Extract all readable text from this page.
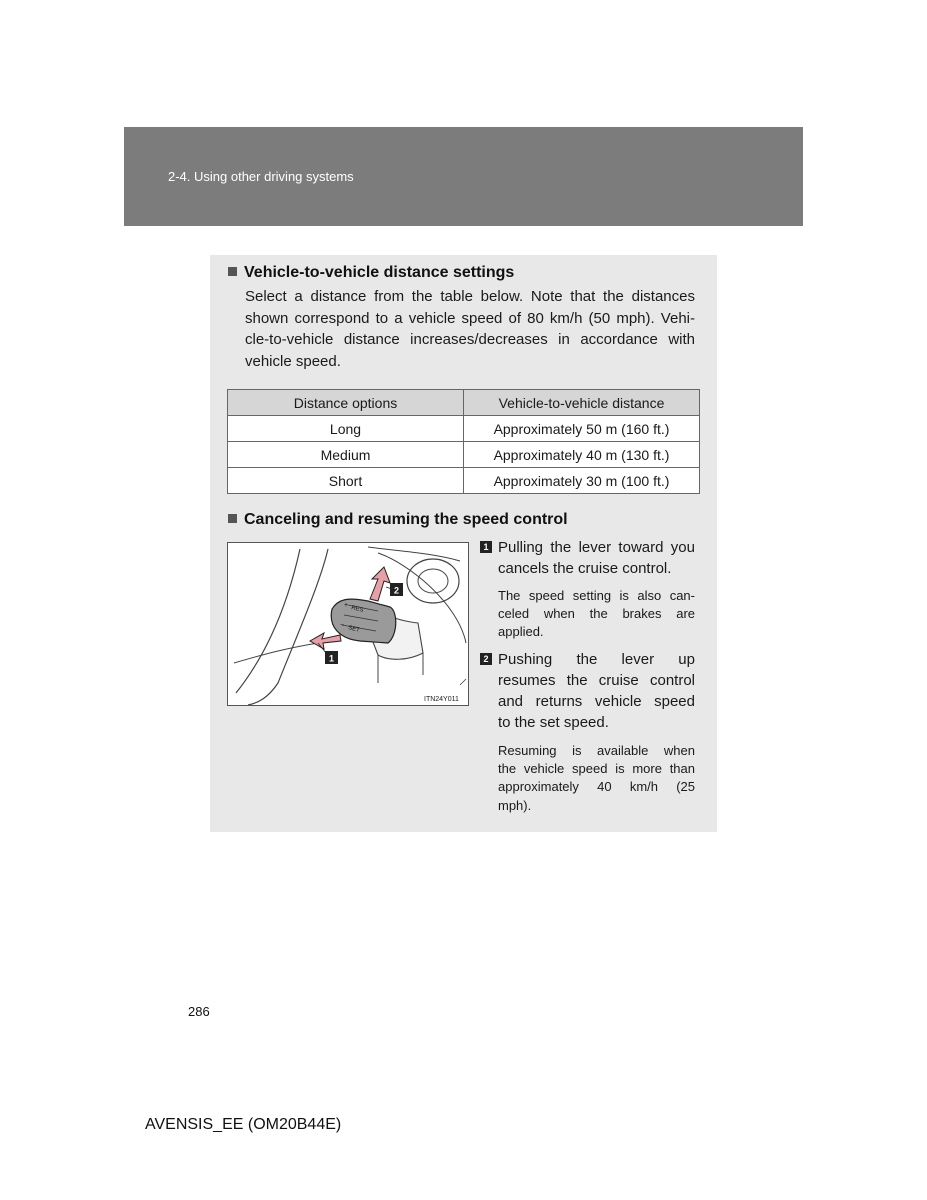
2-4. Using other driving systems
Vehicle-to-vehicle distance settings
Select a distance from the table below. Note that the distances
shown correspond to a vehicle speed of 80 km/h (50 mph). Vehi-
cle-to-vehicle distance increases/decreases in accordance with
vehicle speed.
Distance options	Vehicle-to-vehicle distance
Long	Approximately 50 m (160 ft.)
Medium	Approximately 40 m (130 ft.)
Short	Approximately 30 m (100 ft.)
Canceling and resuming the speed control
RES
SET
+
−
2
1
ITN24Y011
1 Pulling the lever toward you
cancels the cruise control.
The speed setting is also can-
celed when the brakes are
applied.
2 Pushing the lever up
resumes the cruise control
and returns vehicle speed
to the set speed.
Resuming is available when
the vehicle speed is more than
approximately 40 km/h (25
mph).
286
AVENSIS_EE (OM20B44E)
